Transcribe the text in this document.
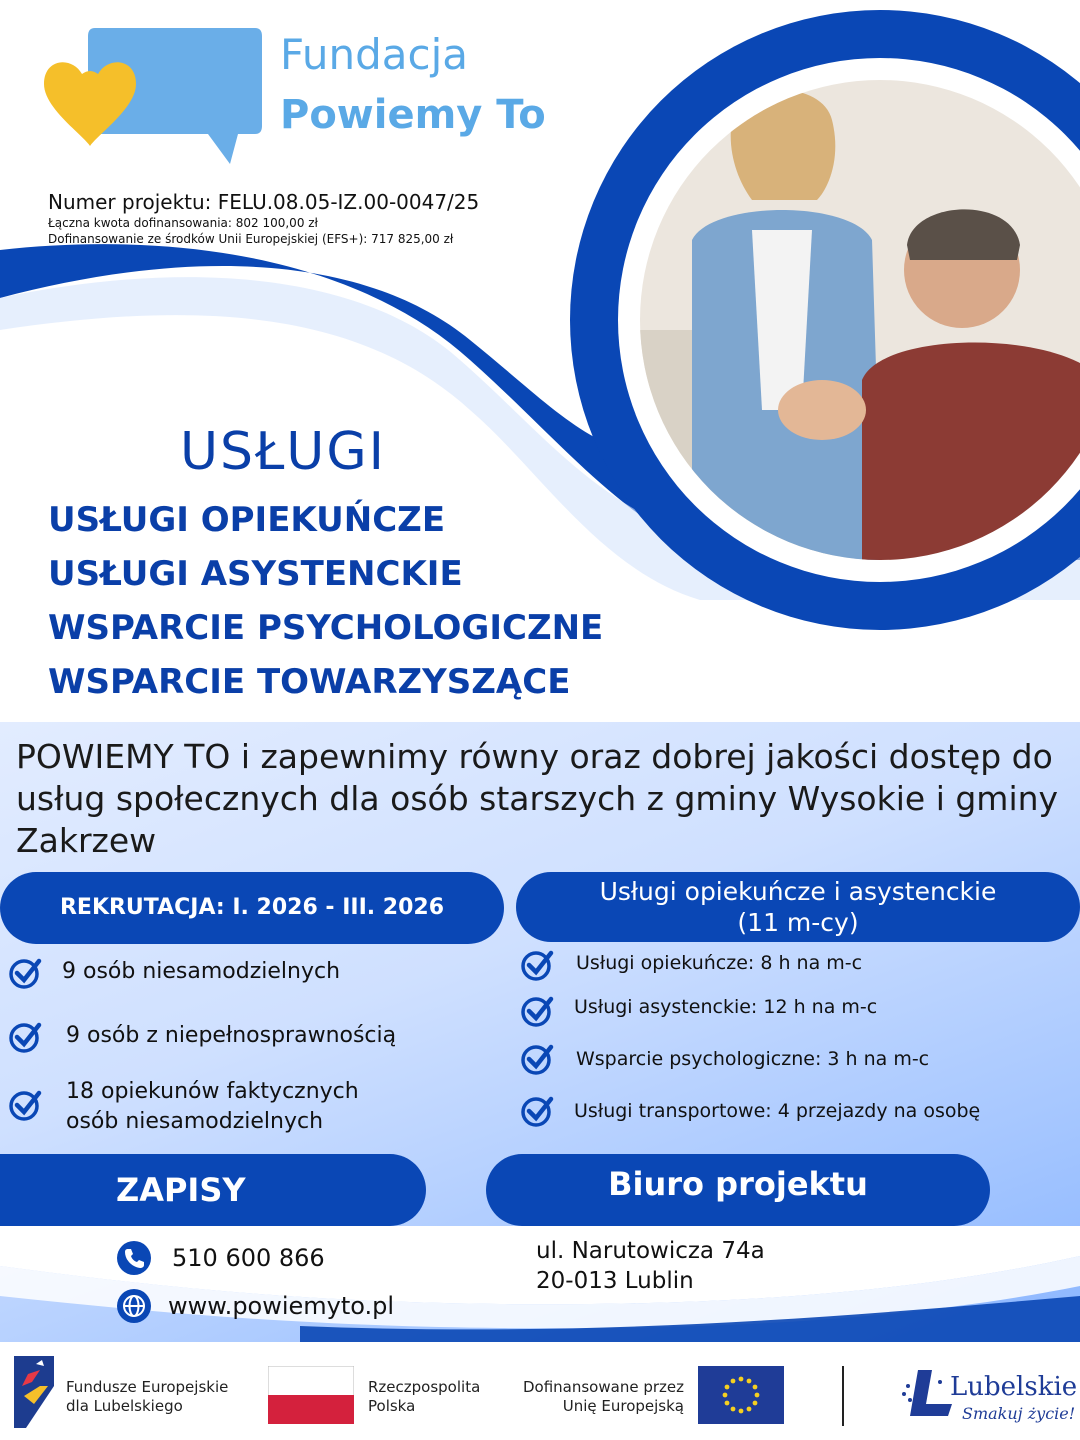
Fundacja
Powiemy To
Numer projektu: FELU.08.05-IZ.00-0047/25
Łączna kwota dofinansowania: 802 100,00 zł
Dofinansowanie ze środków Unii Europejskiej (EFS+): 717 825,00 zł
USŁUGI
USŁUGI OPIEKUŃCZE
USŁUGI ASYSTENCKIE
WSPARCIE PSYCHOLOGICZNE
WSPARCIE TOWARZYSZĄCE
POWIEMY TO i zapewnimy równy oraz dobrej jakości dostęp do usług społecznych dla osób starszych z gminy Wysokie i gminy Zakrzew
REKRUTACJA: I. 2026 - III. 2026
Usługi opiekuńcze i asystenckie
(11 m-cy)
9 osób niesamodzielnych
9 osób z niepełnosprawnością
18 opiekunów faktycznych
osób niesamodzielnych
Usługi opiekuńcze: 8 h na m-c
Usługi asystenckie: 12 h na m-c
Wsparcie psychologiczne: 3 h na m-c
Usługi transportowe: 4 przejazdy na osobę
ZAPISY	Biuro projektu
510 600 866
www.powiemyto.pl
ul. Narutowicza 74a
20-013 Lublin
Fundusze Europejskie
dla Lubelskiego
Rzeczpospolita
Polska
Dofinansowane przez
Unię Europejską
Lubelskie
Smakuj życie!
